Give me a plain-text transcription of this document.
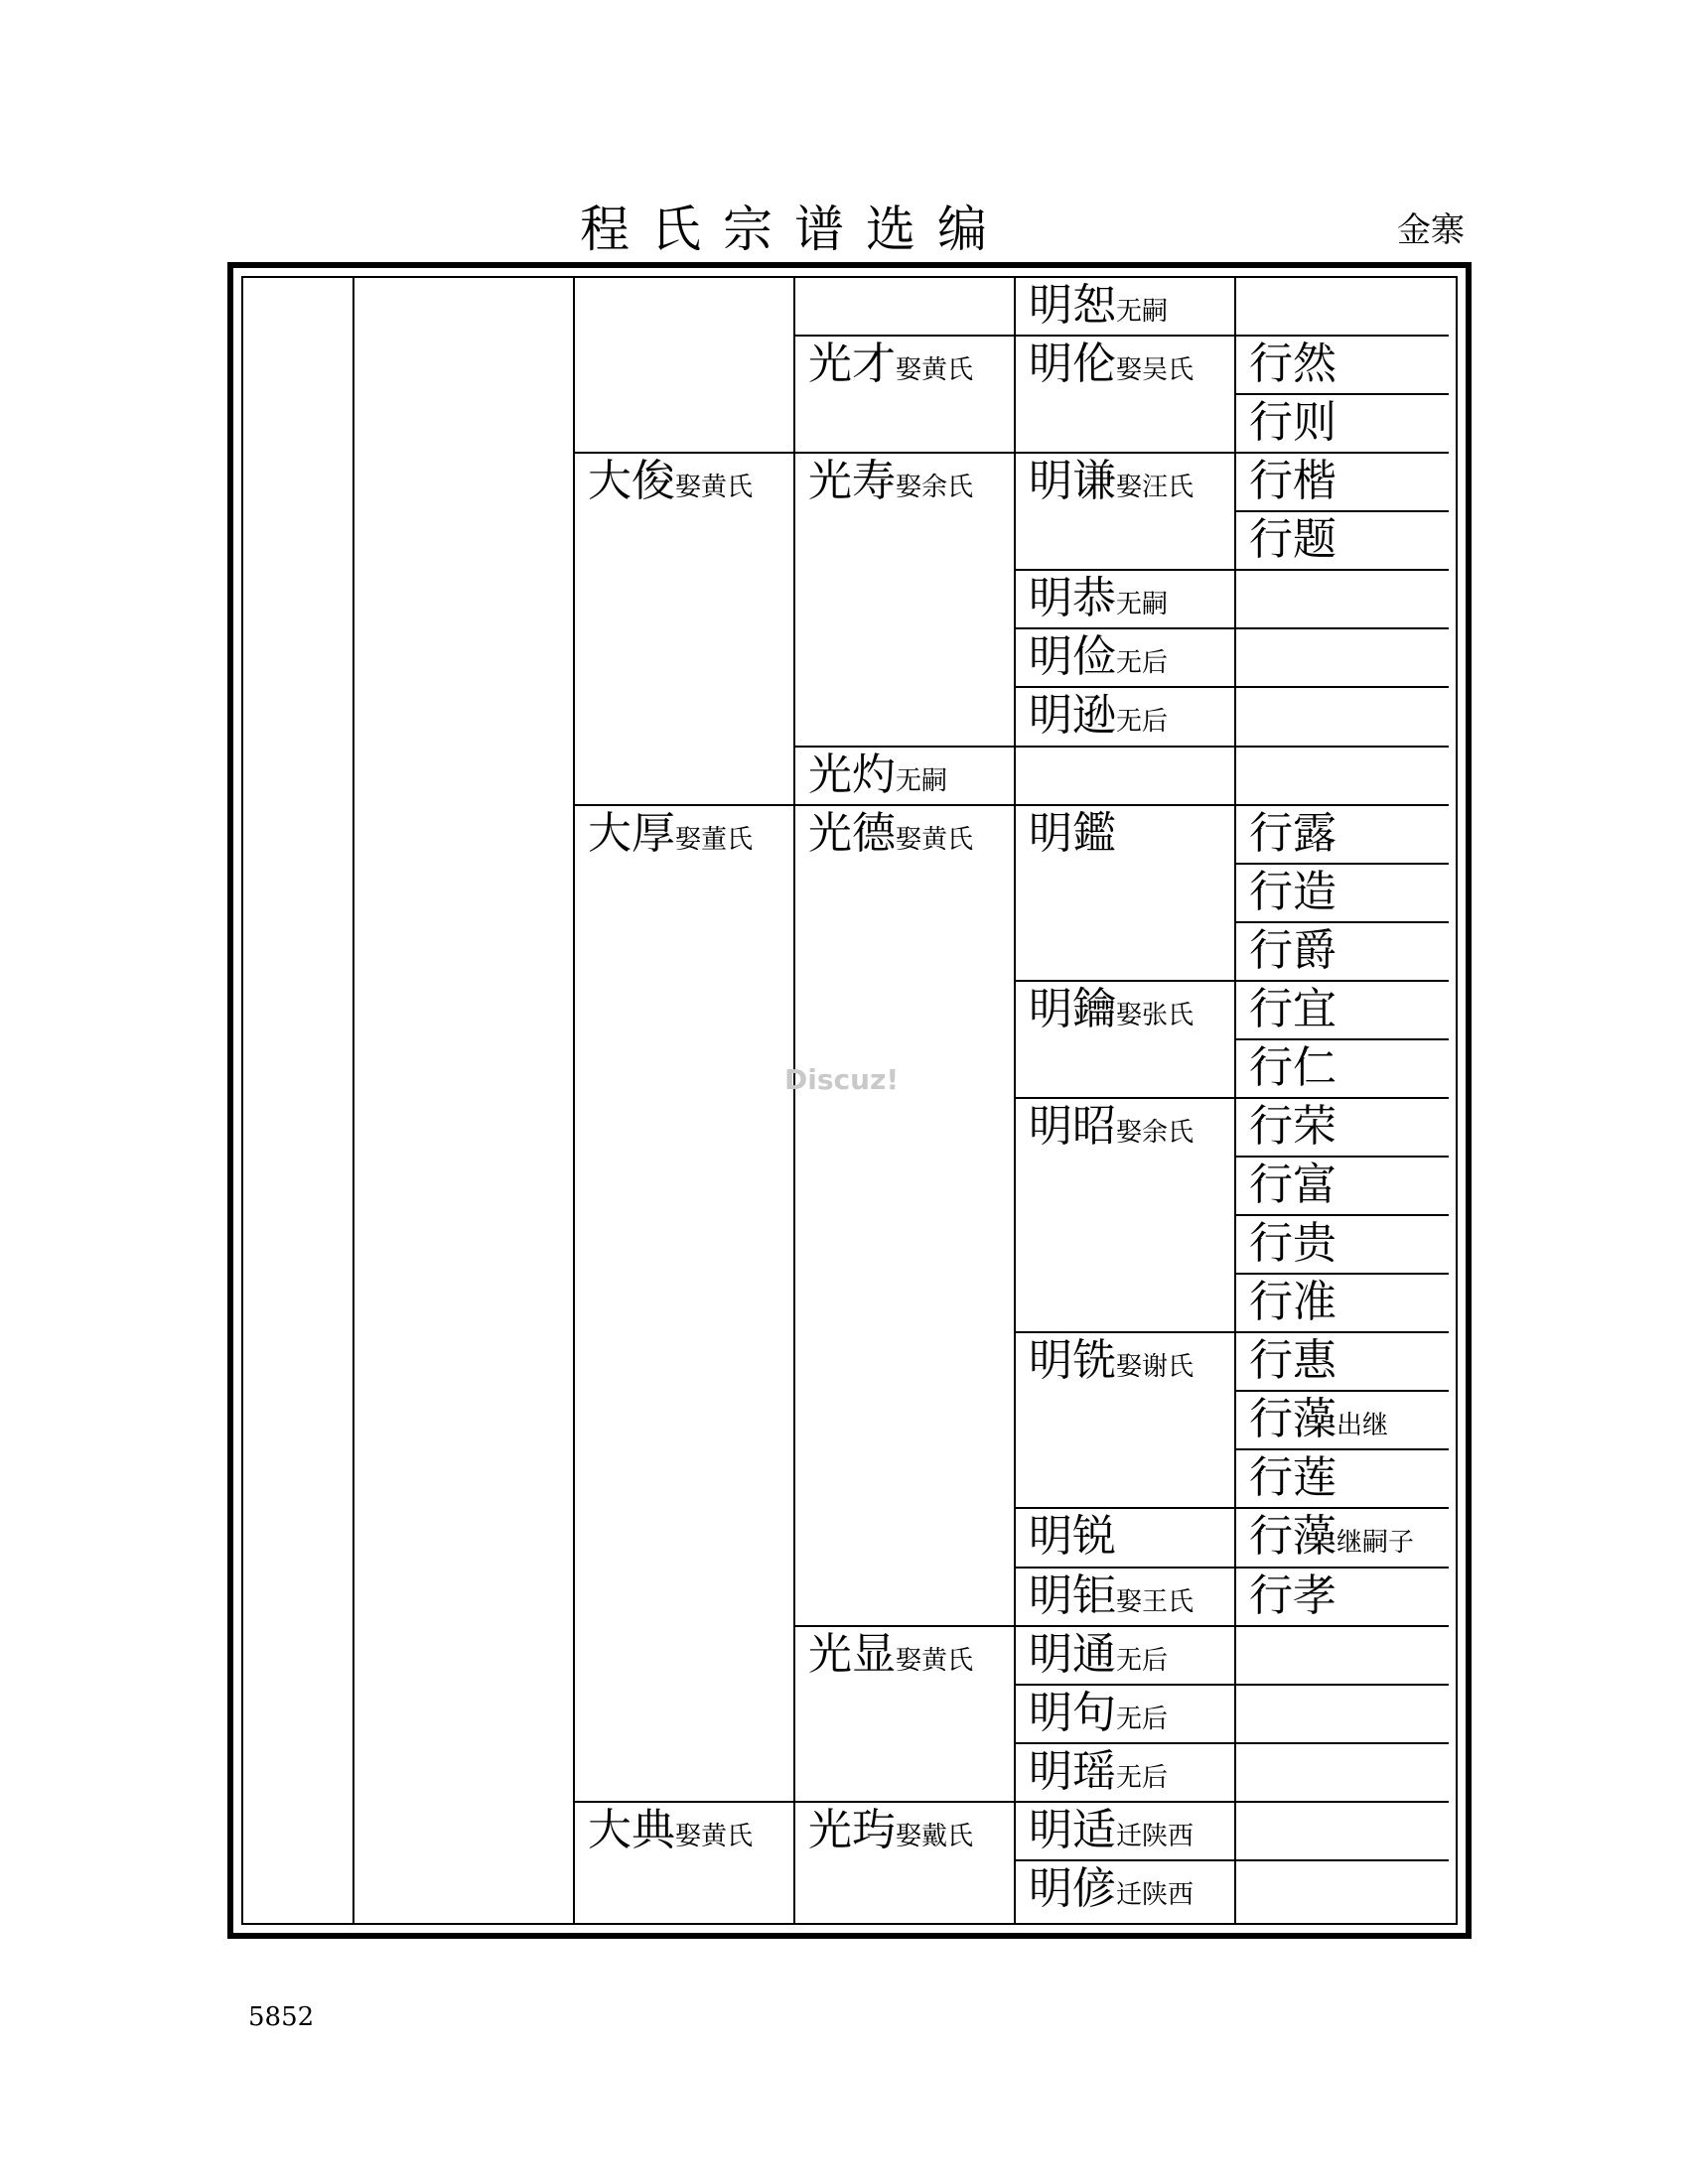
程氏宗谱选编	金寨
大俊娶黄氏
大厚娶董氏
大典娶黄氏
光才娶黄氏
光寿娶余氏
光灼无嗣
光德娶黄氏
光显娶黄氏
光玙娶戴氏
明恕无嗣
明伦娶吴氏
明谦娶汪氏
明恭无嗣
明俭无后
明逊无后
明鑑
明鑰娶张氏
明昭娶余氏
明铣娶谢氏
明锐
明钜娶王氏
明通无后
明句无后
明瑶无后
明适迁陕西
明偐迁陕西
行然
行则
行楷
行题
行露
行造
行爵
行宜
行仁
行荣
行富
行贵
行准
行惠
行藻出继
行莲
行藻继嗣子
行孝
Discuz!
5852
